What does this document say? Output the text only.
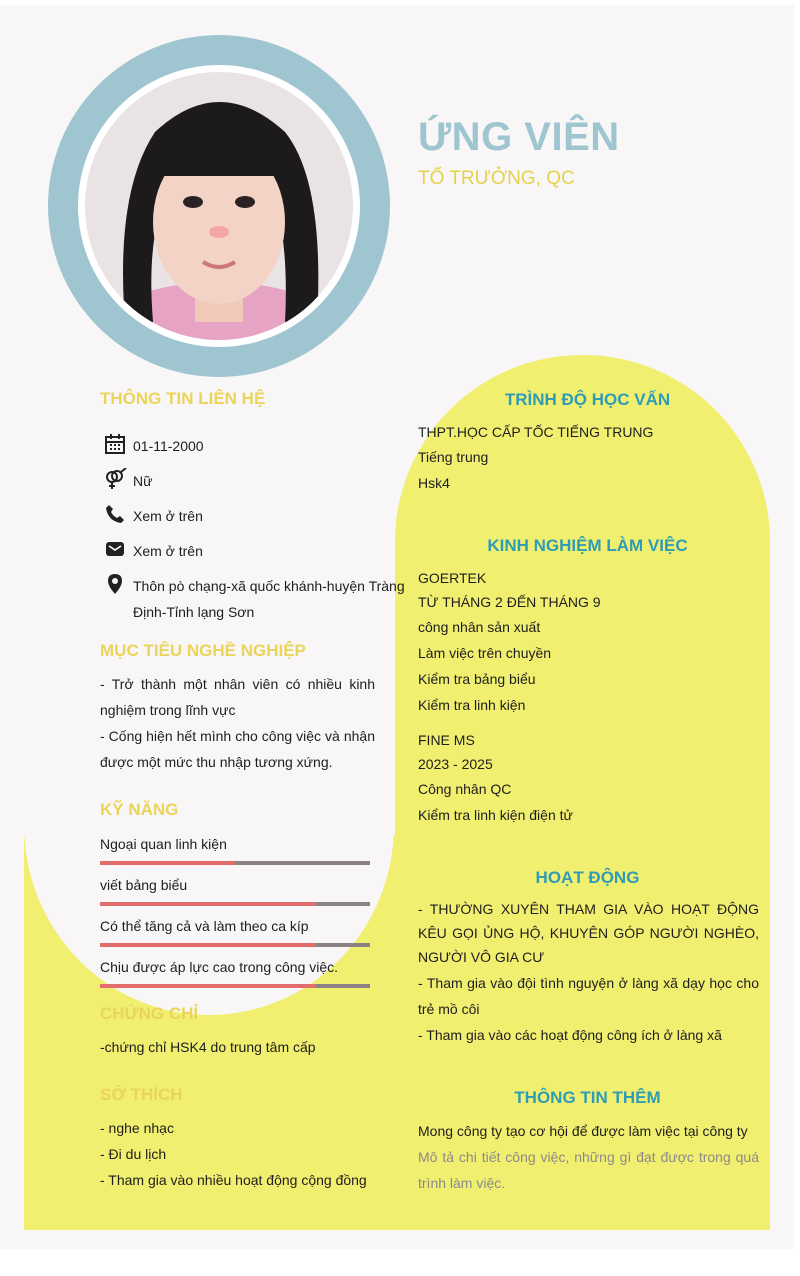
ỨNG VIÊN
TỔ TRƯỞNG, QC
THÔNG TIN LIÊN HỆ
01-11-2000
Nữ
Xem ở trên
Xem ở trên
Thôn pò chạng-xã quốc khánh-huyện Tràng Định-Tỉnh lạng Sơn
MỤC TIÊU NGHỀ NGHIỆP
- Trở thành một nhân viên có nhiều kinh nghiệm trong lĩnh vực
- Cống hiện hết mình cho công việc và nhận được một mức thu nhập tương xứng.
KỸ NĂNG
Ngoại quan linh kiện
viết bảng biểu
Có thể tăng cả và làm theo ca kíp
Chịu được áp lực cao trong công việc.
CHỨNG CHỈ
-chứng chỉ HSK4 do trung tâm cấp
SỞ THÍCH
- nghe nhạc
- Đi du lịch
- Tham gia vào nhiều hoạt động cộng đồng
TRÌNH ĐỘ HỌC VẤN
THPT.HỌC CẤP TỐC TIẾNG TRUNG
Tiếng trung
Hsk4
KINH NGHIỆM LÀM VIỆC
GOERTEK
TỪ THÁNG 2 ĐẾN THÁNG 9
công nhân sản xuất
Làm việc trên chuyền
Kiểm tra bảng biểu
Kiểm tra linh kiện
FINE MS
2023 - 2025
Công nhân QC
Kiểm tra linh kiện điện tử
HOẠT ĐỘNG
- THƯỜNG XUYÊN THAM GIA VÀO HOẠT ĐỘNG KÊU GỌI ỦNG HỘ, KHUYÊN GÓP NGƯỜI NGHÈO, NGƯỜI VÔ GIA CƯ
- Tham gia vào đội tình nguyện ở làng xã dạy học cho trẻ mồ côi
- Tham gia vào các hoạt động công ích ở làng xã
THÔNG TIN THÊM
Mong công ty tạo cơ hội để được làm việc tại công ty
Mô tả chi tiết công việc, những gì đạt được trong quá trình làm việc.
